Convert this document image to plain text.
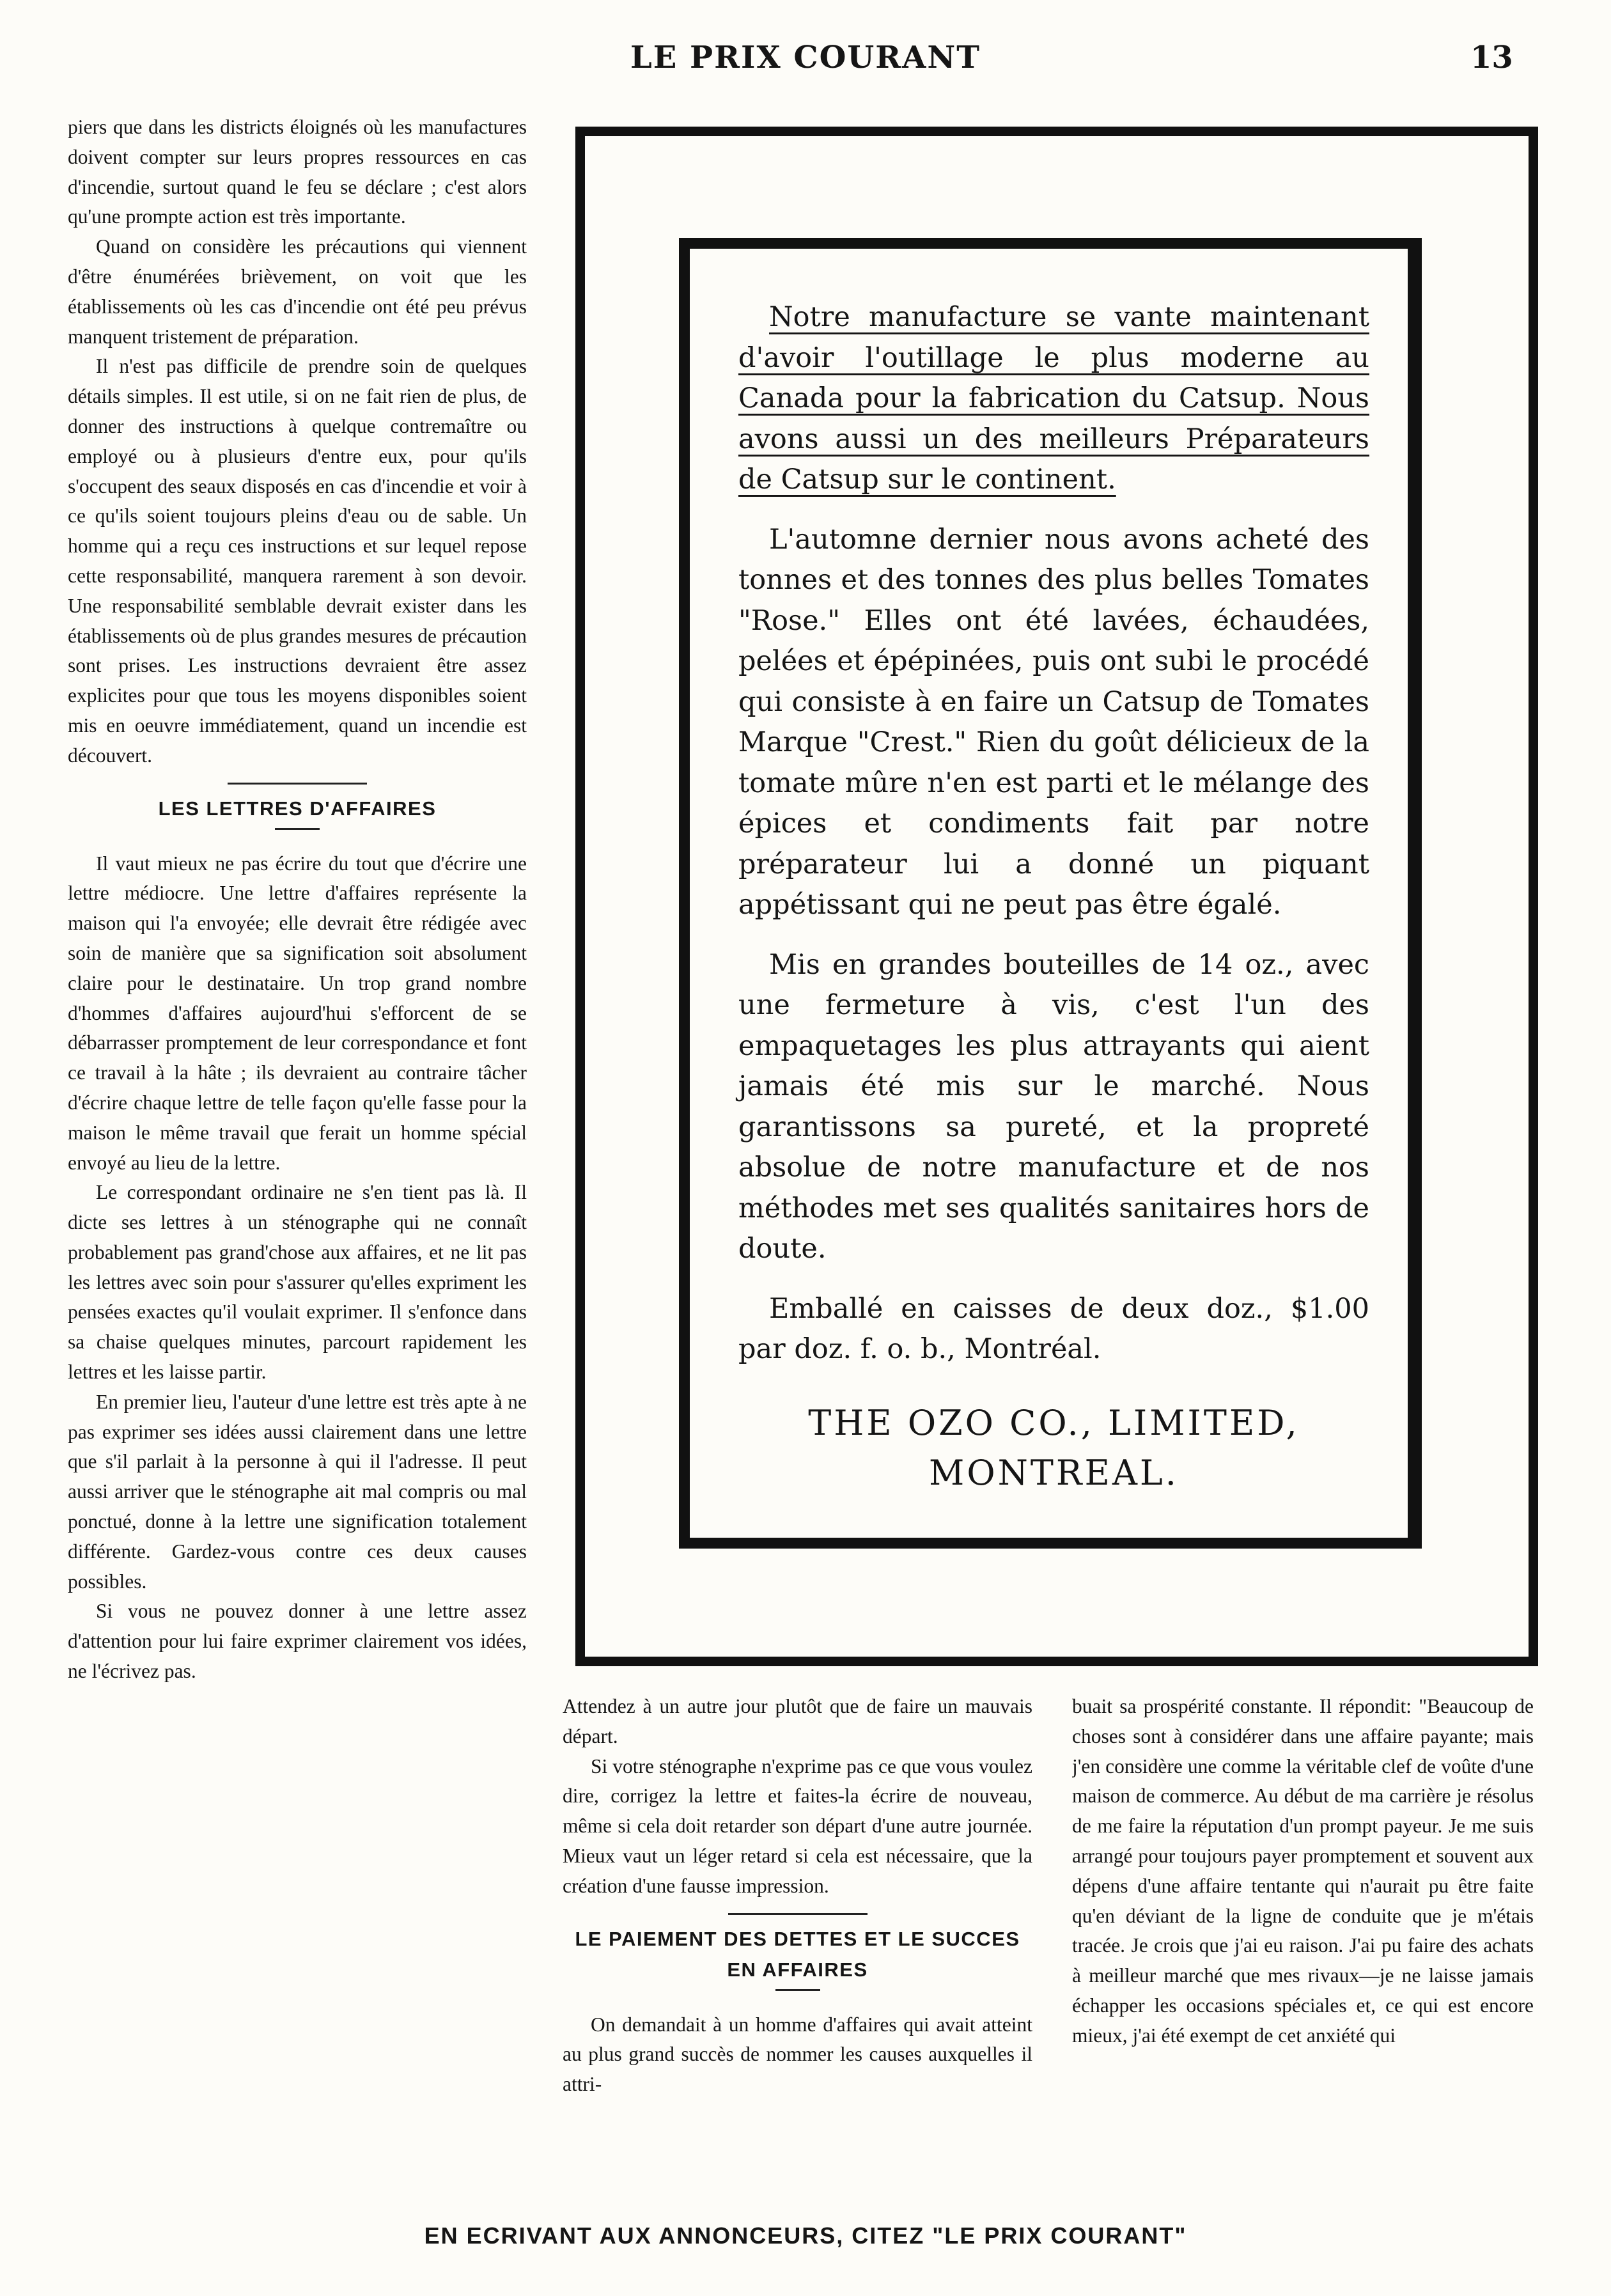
LE PRIX COURANT	13

piers que dans les districts éloignés où les manufactures doivent compter sur leurs propres ressources en cas d'incendie, surtout quand le feu se déclare ; c'est alors qu'une prompte action est très importante.

Quand on considère les précautions qui viennent d'être énumérées brièvement, on voit que les établissements où les cas d'incendie ont été peu prévus manquent tristement de préparation.

Il n'est pas difficile de prendre soin de quelques détails simples. Il est utile, si on ne fait rien de plus, de donner des instructions à quelque contremaître ou employé ou à plusieurs d'entre eux, pour qu'ils s'occupent des seaux disposés en cas d'incendie et voir à ce qu'ils soient toujours pleins d'eau ou de sable. Un homme qui a reçu ces instructions et sur lequel repose cette responsabilité, manquera rarement à son devoir. Une responsabilité semblable devrait exister dans les établissements où de plus grandes mesures de précaution sont prises. Les instructions devraient être assez explicites pour que tous les moyens disponibles soient mis en oeuvre immédiatement, quand un incendie est découvert.

LES LETTRES D'AFFAIRES

Il vaut mieux ne pas écrire du tout que d'écrire une lettre médiocre. Une lettre d'affaires représente la maison qui l'a envoyée; elle devrait être rédigée avec soin de manière que sa signification soit absolument claire pour le destinataire. Un trop grand nombre d'hommes d'affaires aujourd'hui s'efforcent de se débarrasser promptement de leur correspondance et font ce travail à la hâte ; ils devraient au contraire tâcher d'écrire chaque lettre de telle façon qu'elle fasse pour la maison le même travail que ferait un homme spécial envoyé au lieu de la lettre.

Le correspondant ordinaire ne s'en tient pas là. Il dicte ses lettres à un sténographe qui ne connaît probablement pas grand'chose aux affaires, et ne lit pas les lettres avec soin pour s'assurer qu'elles expriment les pensées exactes qu'il voulait exprimer. Il s'enfonce dans sa chaise quelques minutes, parcourt rapidement les lettres et les laisse partir.

En premier lieu, l'auteur d'une lettre est très apte à ne pas exprimer ses idées aussi clairement dans une lettre que s'il parlait à la personne à qui il l'adresse. Il peut aussi arriver que le sténographe ait mal compris ou mal ponctué, donne à la lettre une signification totalement différente. Gardez-vous contre ces deux causes possibles.

Si vous ne pouvez donner à une lettre assez d'attention pour lui faire exprimer clairement vos idées, ne l'écrivez pas.

Notre manufacture se vante maintenant d'avoir l'outillage le plus moderne au Canada pour la fabrication du Catsup. Nous avons aussi un des meilleurs Préparateurs de Catsup sur le continent.

L'automne dernier nous avons acheté des tonnes et des tonnes des plus belles Tomates "Rose." Elles ont été lavées, échaudées, pelées et épépinées, puis ont subi le procédé qui consiste à en faire un Catsup de Tomates Marque "Crest." Rien du goût délicieux de la tomate mûre n'en est parti et le mélange des épices et condiments fait par notre préparateur lui a donné un piquant appétissant qui ne peut pas être égalé.

Mis en grandes bouteilles de 14 oz., avec une fermeture à vis, c'est l'un des empaquetages les plus attrayants qui aient jamais été mis sur le marché. Nous garantissons sa pureté, et la propreté absolue de notre manufacture et de nos méthodes met ses qualités sanitaires hors de doute.

Emballé en caisses de deux doz., $1.00 par doz. f. o. b., Montréal.

THE OZO CO., LIMITED,
MONTREAL.

Attendez à un autre jour plutôt que de faire un mauvais départ.

Si votre sténographe n'exprime pas ce que vous voulez dire, corrigez la lettre et faites-la écrire de nouveau, même si cela doit retarder son départ d'une autre journée. Mieux vaut un léger retard si cela est nécessaire, que la création d'une fausse impression.

LE PAIEMENT DES DETTES ET LE SUCCES EN AFFAIRES

On demandait à un homme d'affaires qui avait atteint au plus grand succès de nommer les causes auxquelles il attri-

buait sa prospérité constante. Il répondit: "Beaucoup de choses sont à considérer dans une affaire payante; mais j'en considère une comme la véritable clef de voûte d'une maison de commerce. Au début de ma carrière je résolus de me faire la réputation d'un prompt payeur. Je me suis arrangé pour toujours payer promptement et souvent aux dépens d'une affaire tentante qui n'aurait pu être faite qu'en déviant de la ligne de conduite que je m'étais tracée. Je crois que j'ai eu raison. J'ai pu faire des achats à meilleur marché que mes rivaux—je ne laisse jamais échapper les occasions spéciales et, ce qui est encore mieux, j'ai été exempt de cet anxiété qui

EN ECRIVANT AUX ANNONCEURS, CITEZ "LE PRIX COURANT"
